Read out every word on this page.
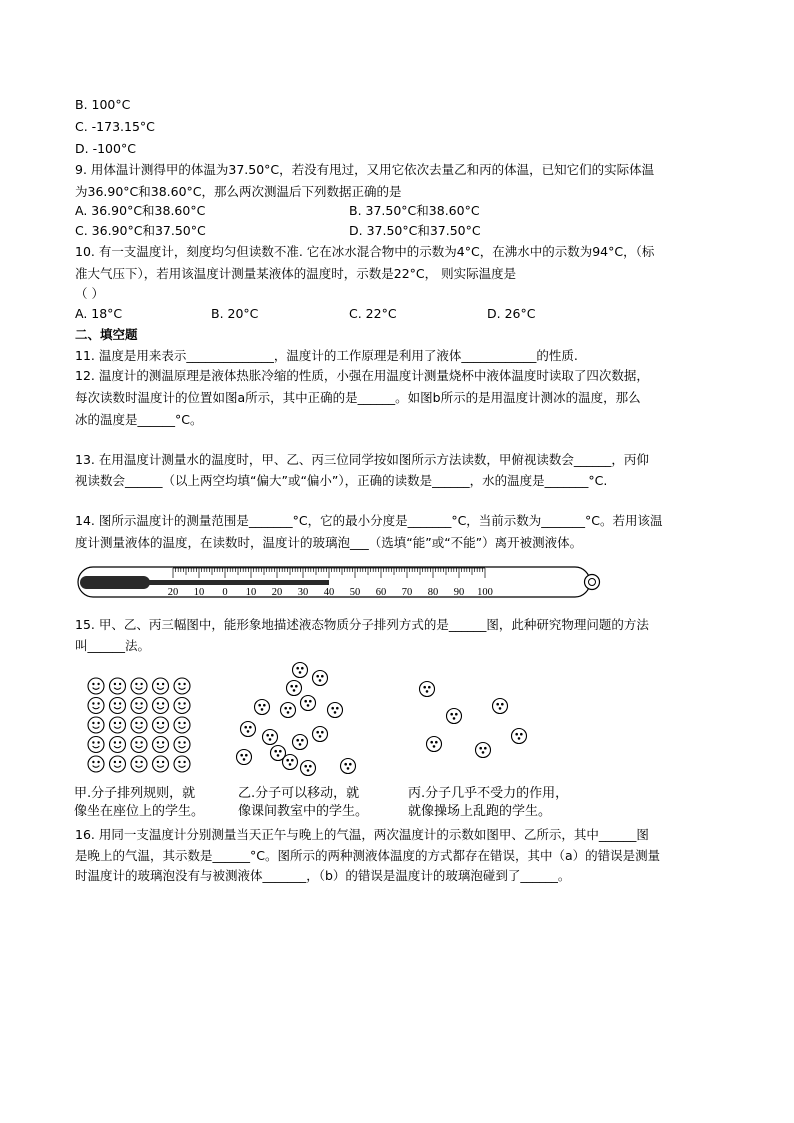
B. 100°C
C. -173.15°C
D. -100°C
9. 用体温计测得甲的体温为37.50°C，若没有甩过，又用它依次去量乙和丙的体温，已知它们的实际体温
为36.90°C和38.60°C，那么两次测温后下列数据正确的是
A. 36.90°C和38.60°C	B. 37.50°C和38.60°C
C. 36.90°C和37.50°C	D. 37.50°C和37.50°C
10. 有一支温度计，刻度均匀但读数不准. 它在冰水混合物中的示数为4°C，在沸水中的示数为94°C，（标
准大气压下），若用该温度计测量某液体的温度时，示数是22°C， 则实际温度是
（ ）
A. 18°C	B. 20°C	C. 22°C	D. 26°C
二、填空题
11. 温度是用来表示______________，温度计的工作原理是利用了液体____________的性质.
12. 温度计的测温原理是液体热胀冷缩的性质，小强在用温度计测量烧杯中液体温度时读取了四次数据，
每次读数时温度计的位置如图a所示，其中正确的是______。如图b所示的是用温度计测冰的温度，那么
冰的温度是______°C。
13. 在用温度计测量水的温度时，甲、乙、丙三位同学按如图所示方法读数，甲俯视读数会______，丙仰
视读数会______（以上两空均填“偏大”或“偏小”），正确的读数是______，水的温度是_______°C.
14. 图所示温度计的测量范围是_______°C，它的最小分度是_______°C，当前示数为_______°C。若用该温
度计测量液体的温度，在读数时，温度计的玻璃泡___（选填“能”或“不能”）离开被测液体。
20 10 0 10 20 30 40 50 60 70 80 90 100
15. 甲、乙、丙三幅图中，能形象地描述液态物质分子排列方式的是______图，此种研究物理问题的方法
叫______法。
甲.分子排列规则，就
像坐在座位上的学生。
乙.分子可以移动，就
像课间教室中的学生。
丙.分子几乎不受力的作用，
就像操场上乱跑的学生。
16. 用同一支温度计分别测量当天正午与晚上的气温，两次温度计的示数如图甲、乙所示，其中______图
是晚上的气温，其示数是______°C。图所示的两种测液体温度的方式都存在错误，其中（a）的错误是测量
时温度计的玻璃泡没有与被测液体_______，（b）的错误是温度计的玻璃泡碰到了______。
